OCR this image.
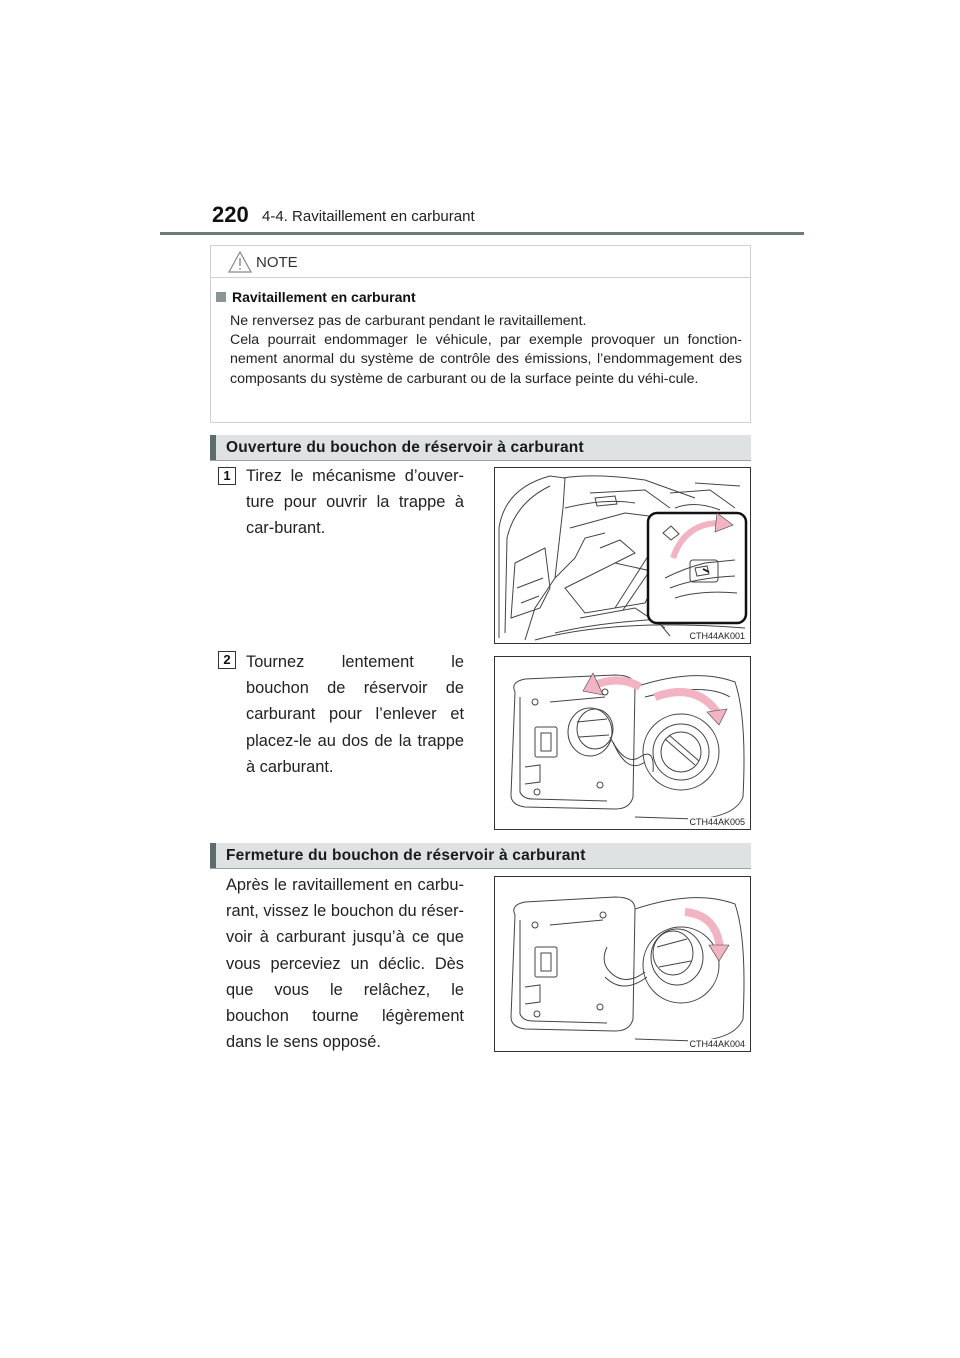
220 4-4. Ravitaillement en carburant
NOTE
Ravitaillement en carburant
Ne renversez pas de carburant pendant le ravitaillement.
Cela pourrait endommager le véhicule, par exemple provoquer un fonction-nement anormal du système de contrôle des émissions, l’endommagement des composants du système de carburant ou de la surface peinte du véhi-cule.
Ouverture du bouchon de réservoir à carburant
1 Tirez le mécanisme d’ouver-ture pour ouvrir la trappe à car-burant.
CTH44AK001
2 Tournez lentement le bouchon de réservoir de carburant pour l’enlever et placez-le au dos de la trappe à carburant.
CTH44AK005
Fermeture du bouchon de réservoir à carburant
Après le ravitaillement en carbu-rant, vissez le bouchon du réser-voir à carburant jusqu’à ce que vous perceviez un déclic. Dès que vous le relâchez, le bouchon tourne légèrement dans le sens opposé.	CTH44AK004
